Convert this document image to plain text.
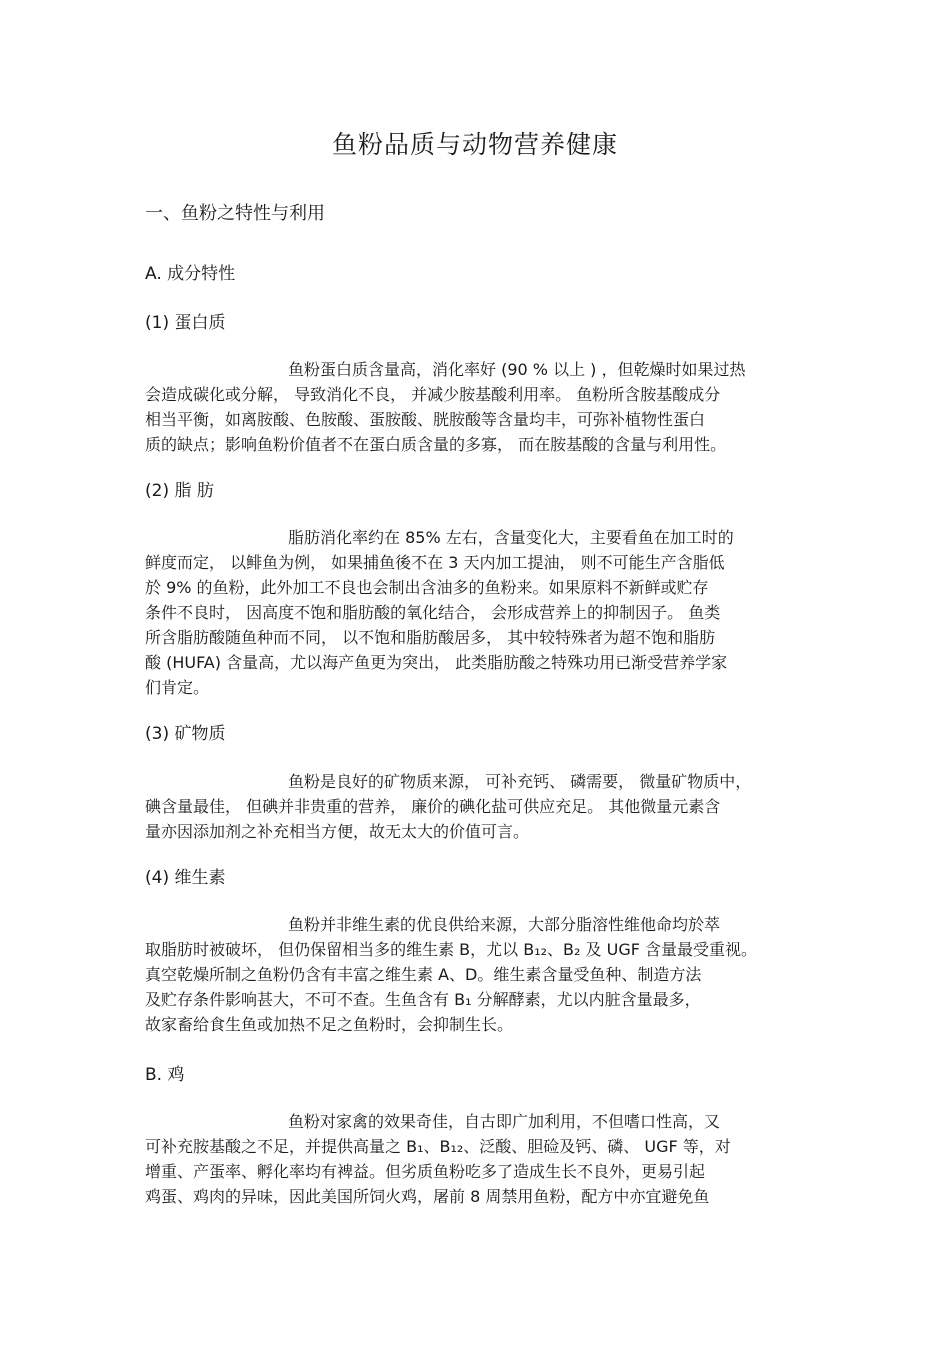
鱼粉品质与动物营养健康
一、鱼粉之特性与利用
A. 成分特性
(1) 蛋白质
鱼粉蛋白质含量高，消化率好 (90 % 以上 ) ，但乾燥时如果过热
会造成碳化或分解， 导致消化不良， 并减少胺基酸利用率。 鱼粉所含胺基酸成分
相当平衡，如离胺酸、色胺酸、蛋胺酸、胱胺酸等含量均丰，可弥补植物性蛋白
质的缺点；影响鱼粉价值者不在蛋白质含量的多寡， 而在胺基酸的含量与利用性。
(2) 脂 肪
脂肪消化率约在 85% 左右，含量变化大，主要看鱼在加工时的
鲜度而定， 以鲱鱼为例， 如果捕鱼後不在 3 天内加工提油， 则不可能生产含脂低
於 9% 的鱼粉，此外加工不良也会制出含油多的鱼粉来。如果原料不新鲜或贮存
条件不良时， 因高度不饱和脂肪酸的氧化结合， 会形成营养上的抑制因子。 鱼类
所含脂肪酸随鱼种而不同， 以不饱和脂肪酸居多， 其中较特殊者为超不饱和脂肪
酸 (HUFA) 含量高，尤以海产鱼更为突出， 此类脂肪酸之特殊功用已渐受营养学家
们肯定。
(3) 矿物质
鱼粉是良好的矿物质来源， 可补充钙、 磷需要， 微量矿物质中，
碘含量最佳， 但碘并非贵重的营养， 廉价的碘化盐可供应充足。 其他微量元素含
量亦因添加剂之补充相当方便，故无太大的价值可言。
(4) 维生素
鱼粉并非维生素的优良供给来源，大部分脂溶性维他命均於萃
取脂肪时被破坏， 但仍保留相当多的维生素 B，尤以 B₁₂、B₂ 及 UGF 含量最受重视。
真空乾燥所制之鱼粉仍含有丰富之维生素 A、D。维生素含量受鱼种、制造方法
及贮存条件影响甚大，不可不查。生鱼含有 B₁ 分解酵素，尤以内脏含量最多，
故家畜给食生鱼或加热不足之鱼粉时，会抑制生长。
B. 鸡
鱼粉对家禽的效果奇佳，自古即广加利用，不但嗜口性高，又
可补充胺基酸之不足，并提供高量之 B₁、B₁₂、泛酸、胆硷及钙、磷、 UGF 等，对
增重、产蛋率、孵化率均有裨益。但劣质鱼粉吃多了造成生长不良外，更易引起
鸡蛋、鸡肉的异味，因此美国所饲火鸡，屠前 8 周禁用鱼粉，配方中亦宜避免鱼
